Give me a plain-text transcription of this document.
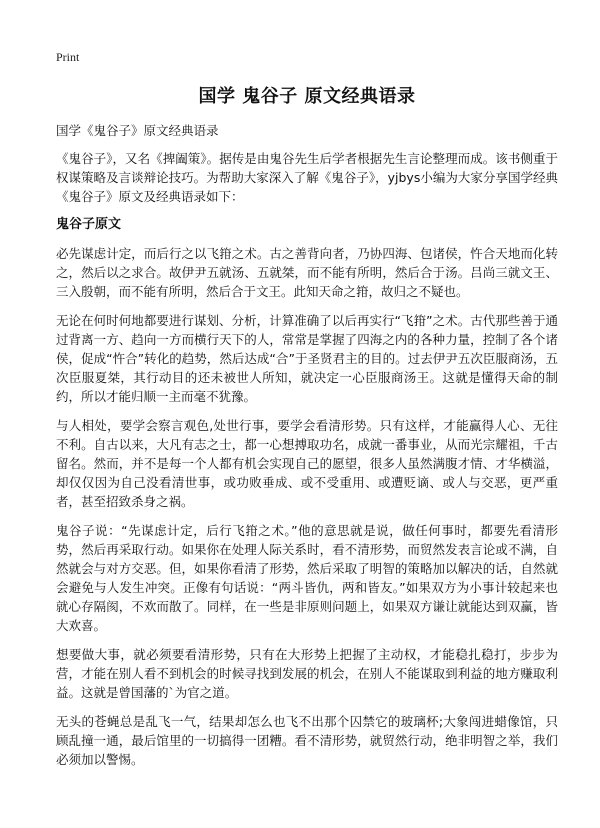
Print
国学 鬼谷子 原文经典语录
国学《鬼谷子》原文经典语录
《鬼谷子》，又名《捭阖策》。据传是由鬼谷先生后学者根据先生言论整理而成。该书侧重于权谋策略及言谈辩论技巧。为帮助大家深入了解《鬼谷子》，yjbys小编为大家分享国学经典《鬼谷子》原文及经典语录如下：
鬼谷子原文

必先谋虑计定，而后行之以飞箝之术。古之善背向者，乃协四海、包诸侯，忤合天地而化转之，然后以之求合。故伊尹五就汤、五就桀，而不能有所明，然后合于汤。吕尚三就文王、三入殷朝，而不能有所明，然后合于文王。此知天命之箝，故归之不疑也。

无论在何时何地都要进行谋划、分析，计算准确了以后再实行“飞箝”之术。古代那些善于通过背离一方、趋向一方而横行天下的人，常常是掌握了四海之内的各种力量，控制了各个诸侯，促成“忤合”转化的趋势，然后达成“合”于圣贤君主的目的。过去伊尹五次臣服商汤，五次臣服夏桀，其行动目的还未被世人所知，就决定一心臣服商汤王。这就是懂得天命的制约，所以才能归顺一主而毫不犹豫。

与人相处，要学会察言观色,处世行事，要学会看清形势。只有这样，才能赢得人心、无往不利。自古以来，大凡有志之士，都一心想搏取功名，成就一番事业，从而光宗耀祖，千古留名。然而，并不是每一个人都有机会实现自己的愿望，很多人虽然满腹才情、才华横溢，却仅仅因为自己没看清世事，或功败垂成、或不受重用、或遭贬谪、或人与交恶，更严重者，甚至招致杀身之祸。

鬼谷子说：“先谋虑计定，后行飞箝之术。”他的意思就是说，做任何事时，都要先看清形势，然后再采取行动。如果你在处理人际关系时，看不清形势，而贸然发表言论或不满，自然就会与对方交恶。但，如果你看清了形势，然后采取了明智的策略加以解决的话，自然就会避免与人发生冲突。正像有句话说：“两斗皆仇，两和皆友。”如果双方为小事计较起来也就心存隔阂，不欢而散了。同样，在一些是非原则问题上，如果双方谦让就能达到双赢，皆大欢喜。

想要做大事，就必须要看清形势，只有在大形势上把握了主动权，才能稳扎稳打，步步为营，才能在别人看不到机会的时候寻找到发展的机会，在别人不能谋取到利益的地方赚取利益。这就是曾国藩的`为官之道。

无头的苍蝇总是乱飞一气，结果却怎么也飞不出那个囚禁它的玻璃杯;大象闯进蜡像馆，只顾乱撞一通，最后馆里的一切搞得一团糟。看不清形势，就贸然行动，绝非明智之举，我们必须加以警惕。
